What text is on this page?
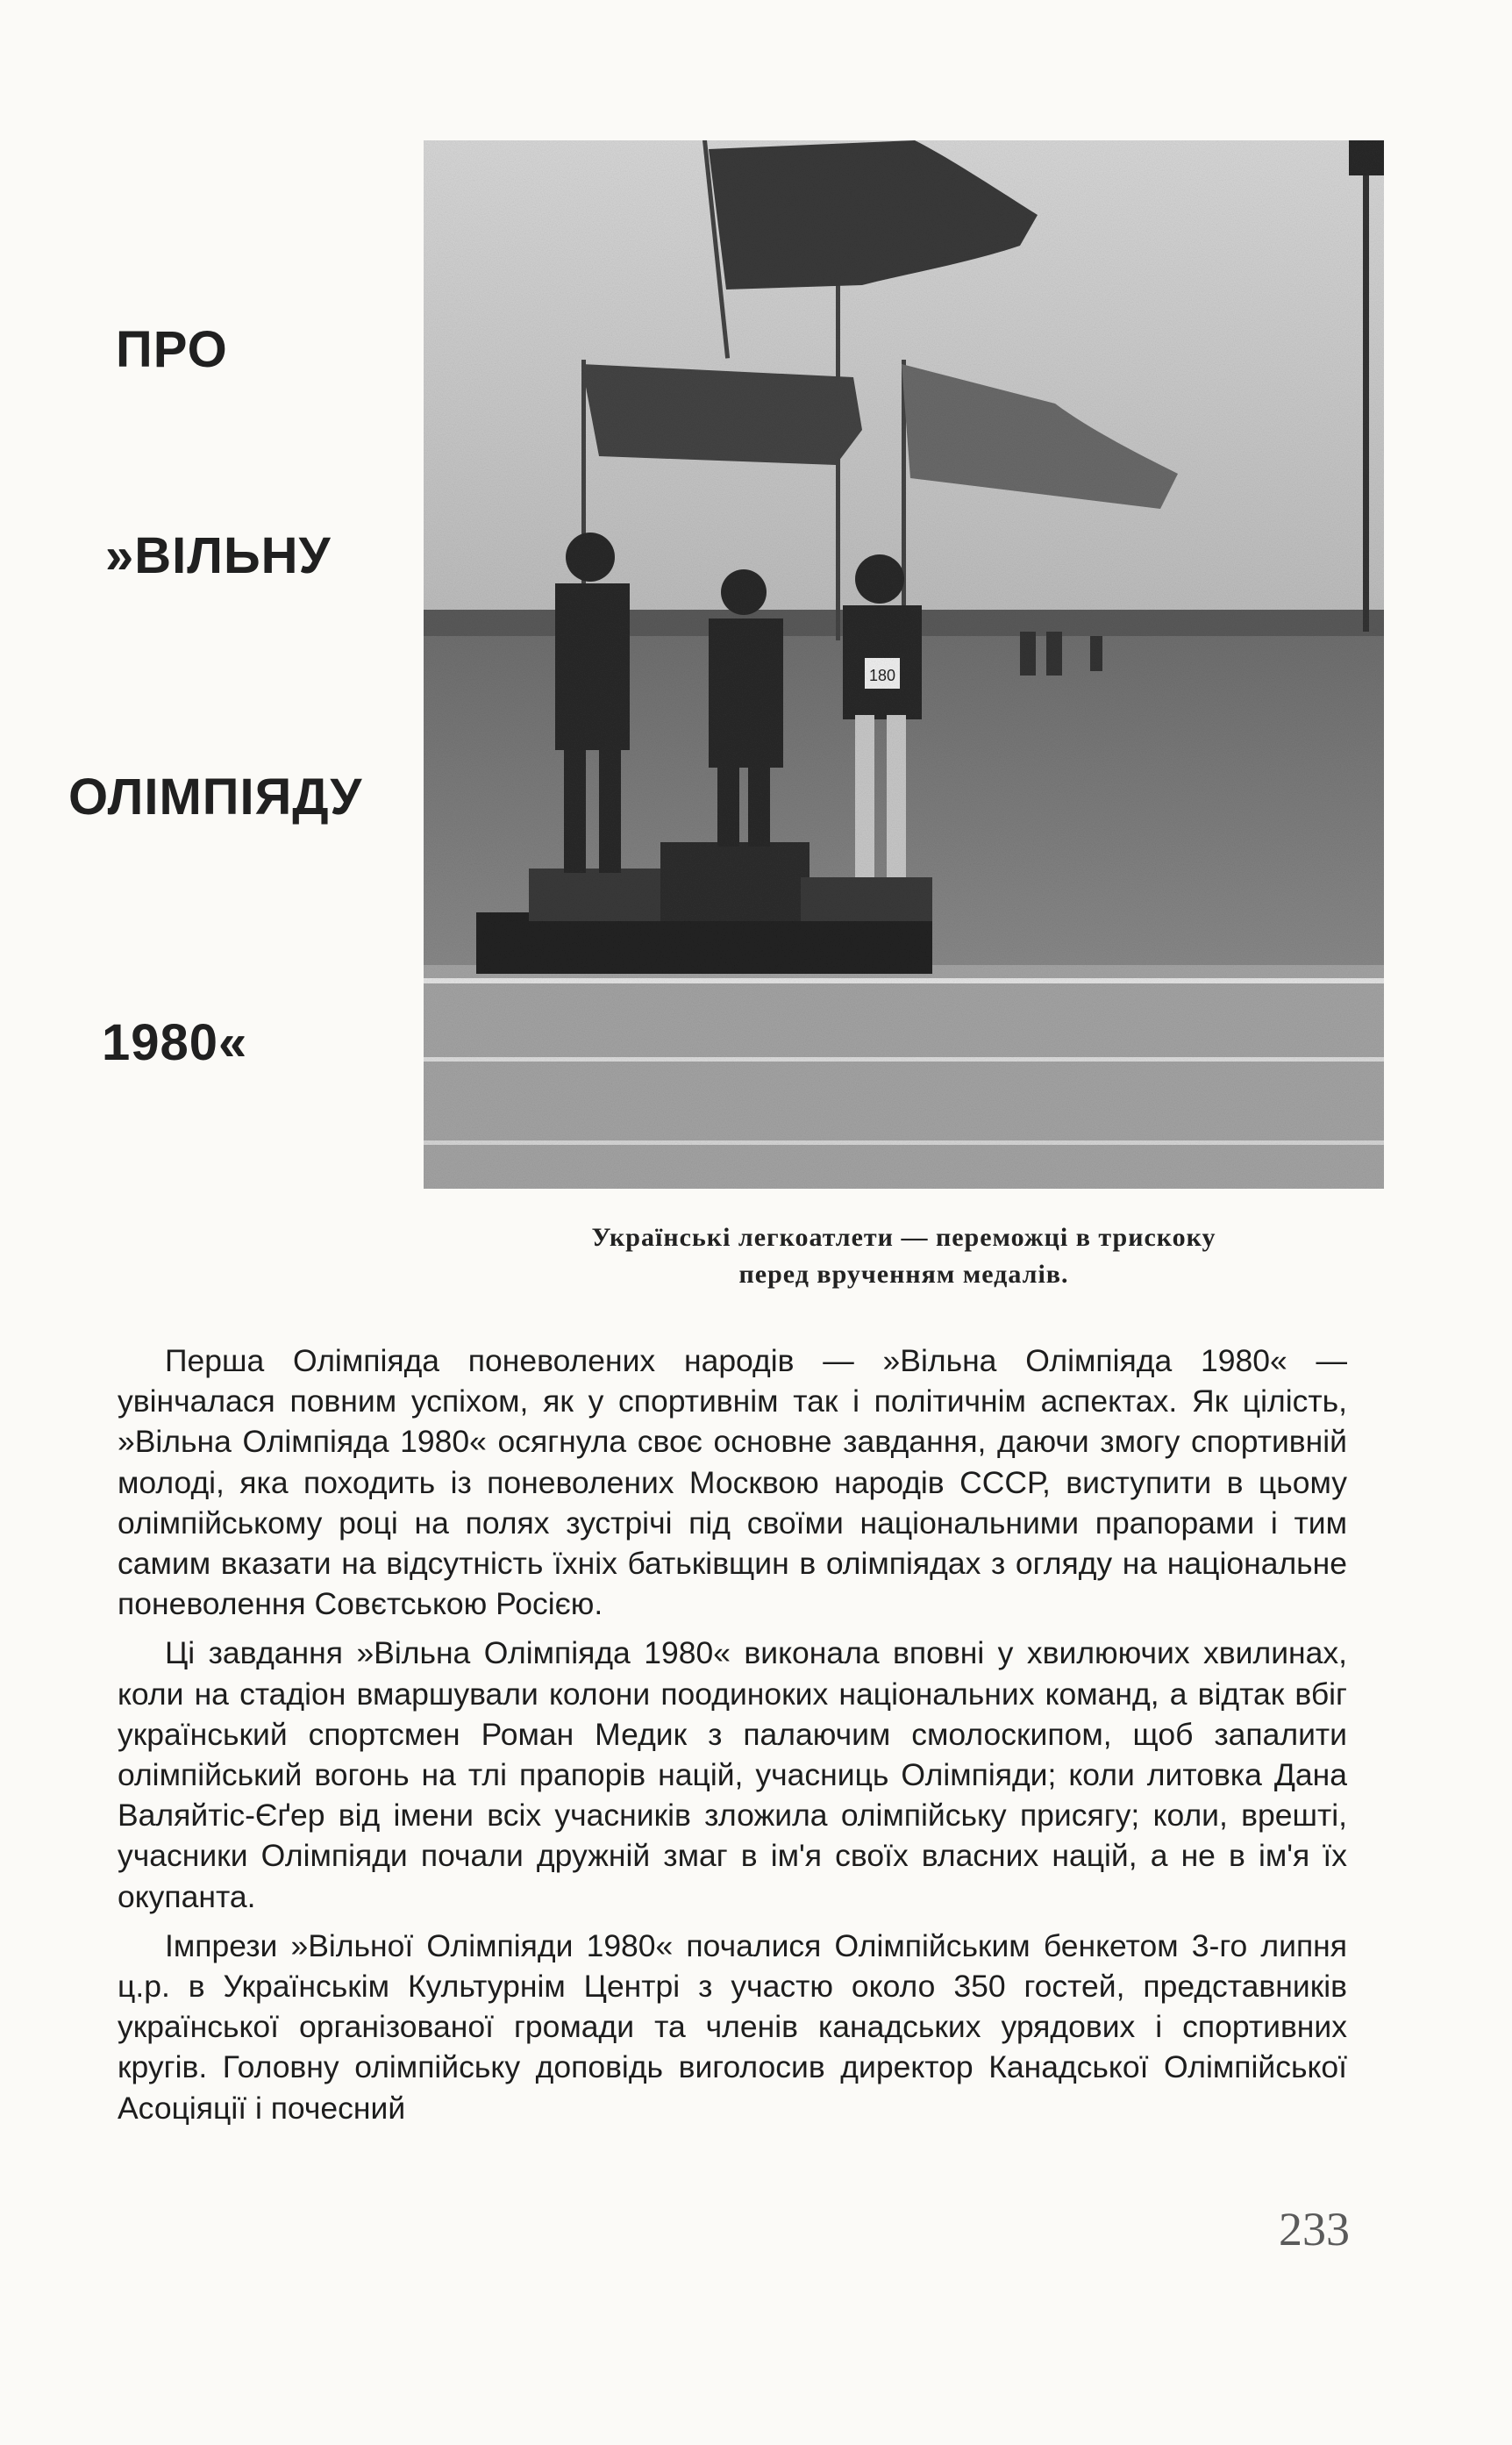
ПРО
»ВІЛЬНУ
ОЛІМПІЯДУ
1980«
180
Українські легкоатлети — переможці в трискоку
перед врученням медалів.

Перша Олімпіяда поневолених народів — »Вільна Олімпіяда 1980« — увінчалася повним успіхом, як у спортивнім так і політичнім аспектах. Як цілість, »Вільна Олімпіяда 1980« осягнула своє основне завдання, даючи змогу спортивній молоді, яка походить із поневолених Москвою народів СССР, виступити в цьому олімпійському році на полях зустрічі під своїми національними прапорами і тим самим вказати на відсутність їхніх батьківщин в олімпіядах з огляду на національне поневолення Совєтською Росією.

Ці завдання »Вільна Олімпіяда 1980« виконала вповні у хвилюючих хвилинах, коли на стадіон вмаршували колони поодиноких національних команд, а відтак вбіг український спортсмен Роман Медик з палаючим смолоскипом, щоб запалити олімпійський вогонь на тлі прапорів націй, учасниць Олімпіяди; коли литовка Дана Валяйтіс-Єґер від імени всіх учасників зложила олімпійську присягу; коли, врешті, учасники Олімпіяди почали дружній змаг в ім'я своїх власних націй, а не в ім'я їх окупанта.

Імпрези »Вільної Олімпіяди 1980« почалися Олімпійським бенкетом 3-го липня ц.р. в Українськім Культурнім Центрі з участю около 350 гостей, представників української організованої громади та членів канадських урядових і спортивних кругів. Головну олімпійську доповідь виголосив директор Канадської Олімпійської Асоціяції і почесний

233
